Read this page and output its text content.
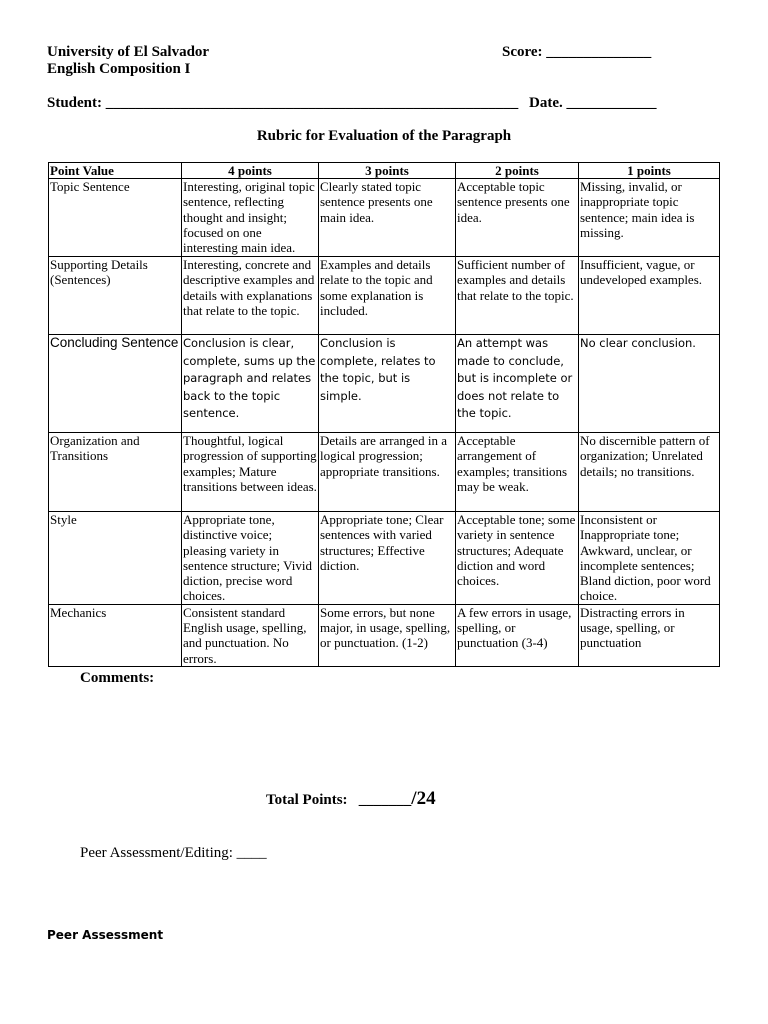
University of El Salvador
English Composition I
Score: ______________
Student: _______________________________________________________ Date. ____________
Rubric for Evaluation of the Paragraph
Point Value	4 points	3 points	2 points	1 points
Topic Sentence	Interesting, original topic sentence, reflecting thought and insight; focused on one interesting main idea.	Clearly stated topic sentence presents one main idea.	Acceptable topic sentence presents one idea.	Missing, invalid, or inappropriate topic sentence; main idea is missing.
Supporting Details (Sentences)	Interesting, concrete and descriptive examples and details with explanations that relate to the topic.	Examples and details relate to the topic and some explanation is included.	Sufficient number of examples and details that relate to the topic.	Insufficient, vague, or undeveloped examples.
Concluding Sentence	Conclusion is clear, complete, sums up the paragraph and relates back to the topic sentence.	Conclusion is complete, relates to the topic, but is simple.	An attempt was made to conclude, but is incomplete or does not relate to the topic.	No clear conclusion.
Organization and Transitions	Thoughtful, logical progression of supporting examples; Mature transitions between ideas.	Details are arranged in a logical progression; appropriate transitions.	Acceptable arrangement of examples; transitions may be weak.	No discernible pattern of organization; Unrelated details; no transitions.
Style	Appropriate tone, distinctive voice; pleasing variety in sentence structure; Vivid diction, precise word choices.	Appropriate tone; Clear sentences with varied structures; Effective diction.	Acceptable tone; some variety in sentence structures; Adequate diction and word choices.	Inconsistent or Inappropriate tone; Awkward, unclear, or incomplete sentences; Bland diction, poor word choice.
Mechanics	Consistent standard English usage, spelling, and punctuation. No errors.	Some errors, but none major, in usage, spelling, or punctuation. (1-2)	A few errors in usage, spelling, or punctuation (3-4)	Distracting errors in usage, spelling, or punctuation
Comments:
Total Points: _______/24
Peer Assessment/Editing: ____
Peer Assessment
